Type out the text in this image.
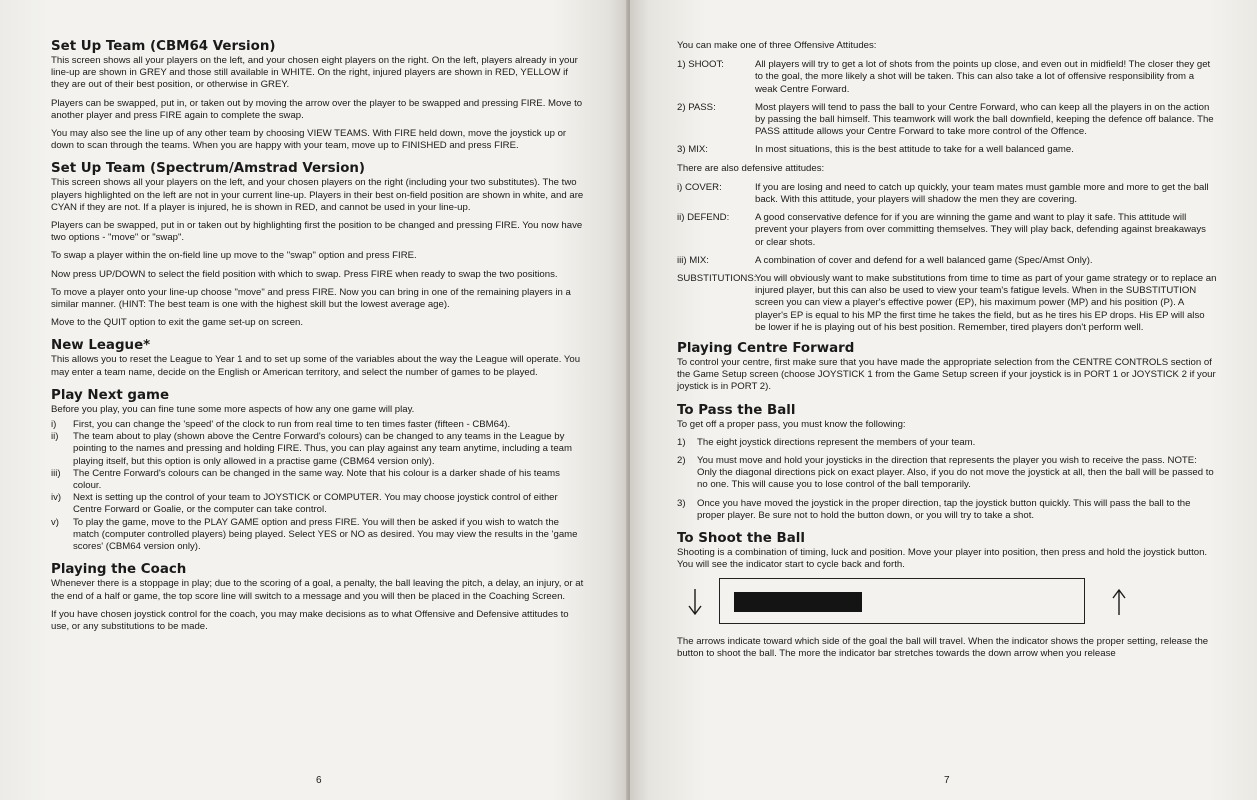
Set Up Team (CBM64 Version)

This screen shows all your players on the left, and your chosen eight players on the right. On the left, players already in your line-up are shown in GREY and those still available in WHITE. On the right, injured players are shown in RED, YELLOW if they are out of their best position, or otherwise in GREY.

Players can be swapped, put in, or taken out by moving the arrow over the player to be swapped and pressing FIRE. Move to another player and press FIRE again to complete the swap.

You may also see the line up of any other team by choosing VIEW TEAMS. With FIRE held down, move the joystick up or down to scan through the teams. When you are happy with your team, move up to FINISHED and press FIRE.

Set Up Team (Spectrum/Amstrad Version)

This screen shows all your players on the left, and your chosen players on the right (including your two substitutes). The two players highlighted on the left are not in your current line-up. Players in their best on-field position are shown in white, and are CYAN if they are not. If a player is injured, he is shown in RED, and cannot be used in your line-up.

Players can be swapped, put in or taken out by highlighting first the position to be changed and pressing FIRE. You now have two options - "move" or "swap".

To swap a player within the on-field line up move to the "swap" option and press FIRE.

Now press UP/DOWN to select the field position with which to swap. Press FIRE when ready to swap the two positions.

To move a player onto your line-up choose "move" and press FIRE. Now you can bring in one of the remaining players in a similar manner. (HINT: The best team is one with the highest skill but the lowest average age).

Move to the QUIT option to exit the game set-up on screen.

New League*

This allows you to reset the League to Year 1 and to set up some of the variables about the way the League will operate. You may enter a team name, decide on the English or American territory, and select the number of games to be played.

Play Next game

Before you play, you can fine tune some more aspects of how any one game will play.

i)	First, you can change the 'speed' of the clock to run from real time to ten times faster (fifteen - CBM64).
ii)	The team about to play (shown above the Centre Forward's colours) can be changed to any teams in the League by pointing to the names and pressing and holding FIRE. Thus, you can play against any team anytime, including a team playing itself, but this option is only allowed in a practise game (CBM64 version only).
iii)	The Centre Forward's colours can be changed in the same way. Note that his colour is a darker shade of his teams colour.
iv)	Next is setting up the control of your team to JOYSTICK or COMPUTER. You may choose joystick control of either Centre Forward or Goalie, or the computer can take control.
v)	To play the game, move to the PLAY GAME option and press FIRE. You will then be asked if you wish to watch the match (computer controlled players) being played. Select YES or NO as desired. You may view the results in the 'game scores' (CBM64 version only).
Playing the Coach

Whenever there is a stoppage in play; due to the scoring of a goal, a penalty, the ball leaving the pitch, a delay, an injury, or at the end of a half or game, the top score line will switch to a message and you will then be placed in the Coaching Screen.

If you have chosen joystick control for the coach, you may make decisions as to what Offensive and Defensive attitudes to use, or any substitutions to be made.

6

You can make one of three Offensive Attitudes:

1) SHOOT:	All players will try to get a lot of shots from the points up close, and even out in midfield! The closer they get to the goal, the more likely a shot will be taken. This can also take a lot of offensive responsibility from a weak Centre Forward.
2) PASS:	Most players will tend to pass the ball to your Centre Forward, who can keep all the players in on the action by passing the ball himself. This teamwork will work the ball downfield, keeping the defence off balance. The PASS attitude allows your Centre Forward to take more control of the Offence.
3) MIX:	In most situations, this is the best attitude to take for a well balanced game.

There are also defensive attitudes:

i) COVER:	If you are losing and need to catch up quickly, your team mates must gamble more and more to get the ball back. With this attitude, your players will shadow the men they are covering.
ii) DEFEND:	A good conservative defence for if you are winning the game and want to play it safe. This attitude will prevent your players from over committing themselves. They will play back, defending against breakaways or clear shots.
iii) MIX:	A combination of cover and defend for a well balanced game (Spec/Amst Only).
SUBSTITUTIONS:
You will obviously want to make substitutions from time to time as part of your game strategy or to replace an injured player, but this can also be used to view your team's fatigue levels. When in the SUBSTITUTION screen you can view a player's effective power (EP), his maximum power (MP) and his position (P). A player's EP is equal to his MP the first time he takes the field, but as he tires his EP drops. His EP will also be lower if he is playing out of his best position. Remember, tired players don't perform well.
Playing Centre Forward

To control your centre, first make sure that you have made the appropriate selection from the CENTRE CONTROLS section of the Game Setup screen (choose JOYSTICK 1 from the Game Setup screen if your joystick is in PORT 1 or JOYSTICK 2 if your joystick is in PORT 2).

To Pass the Ball

To get off a proper pass, you must know the following:

1)	The eight joystick directions represent the members of your team.
2)	You must move and hold your joysticks in the direction that represents the player you wish to receive the pass. NOTE: Only the diagonal directions pick on exact player. Also, if you do not move the joystick at all, then the ball will be passed to no one. This will cause you to lose control of the ball temporarily.
3)	Once you have moved the joystick in the proper direction, tap the joystick button quickly. This will pass the ball to the proper player. Be sure not to hold the button down, or you will try to take a shot.
To Shoot the Ball

Shooting is a combination of timing, luck and position. Move your player into position, then press and hold the joystick button. You will see the indicator start to cycle back and forth.

The arrows indicate toward which side of the goal the ball will travel. When the indicator shows the proper setting, release the button to shoot the ball. The more the indicator bar stretches towards the down arrow when you release

7
